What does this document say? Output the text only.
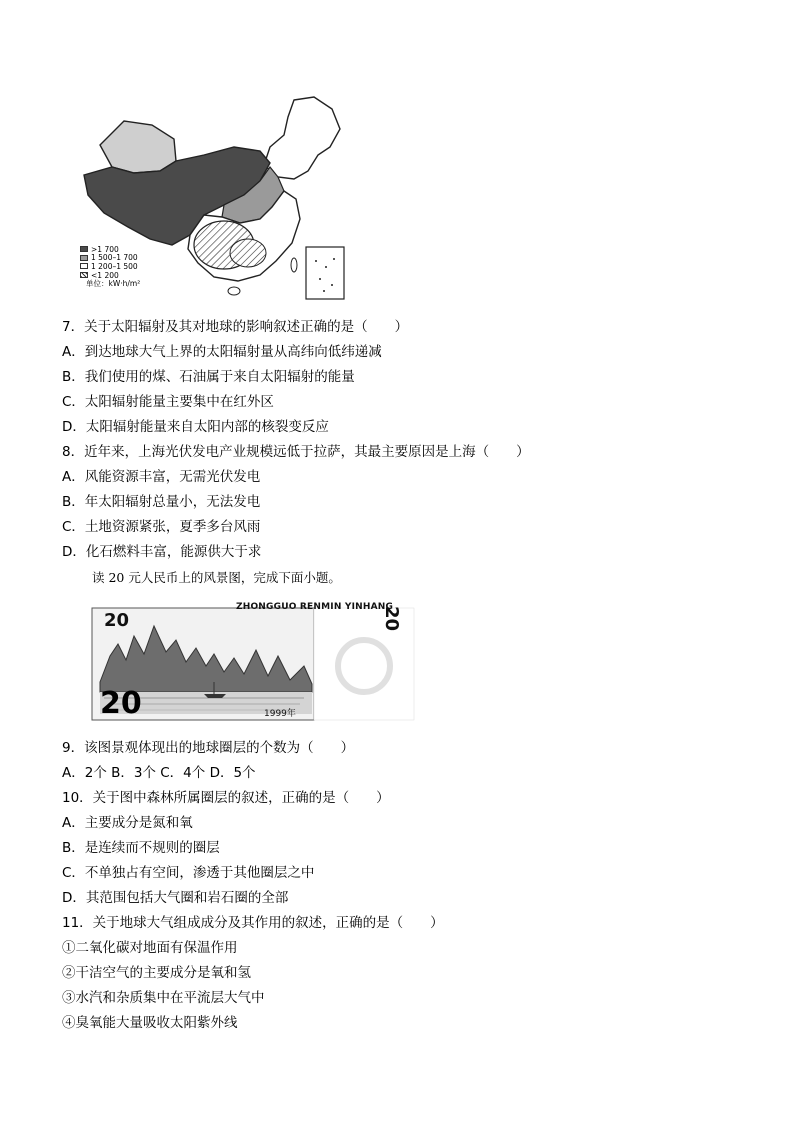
>1 700
1 500–1 700
1 200–1 500
<1 200
单位：kW·h/m²
7．关于太阳辐射及其对地球的影响叙述正确的是（　　）
A．到达地球大气上界的太阳辐射量从高纬向低纬递减
B．我们使用的煤、石油属于来自太阳辐射的能量
C．太阳辐射能量主要集中在红外区
D．太阳辐射能量来自太阳内部的核裂变反应
8．近年来，上海光伏发电产业规模远低于拉萨，其最主要原因是上海（　　）
A．风能资源丰富，无需光伏发电
B．年太阳辐射总量小，无法发电
C．土地资源紧张，夏季多台风雨
D．化石燃料丰富，能源供大于求
读 20 元人民币上的风景图，完成下面小题。
20
20
ZHONGGUO RENMIN YINHANG
20
1999年
9．该图景观体现出的地球圈层的个数为（　　）
A．2个 B．3个 C．4个 D．5个
10．关于图中森林所属圈层的叙述，正确的是（　　）
A．主要成分是氮和氧
B．是连续而不规则的圈层
C．不单独占有空间，渗透于其他圈层之中
D．其范围包括大气圈和岩石圈的全部
11．关于地球大气组成成分及其作用的叙述，正确的是（　　）
①二氧化碳对地面有保温作用
②干洁空气的主要成分是氧和氢
③水汽和杂质集中在平流层大气中
④臭氧能大量吸收太阳紫外线
